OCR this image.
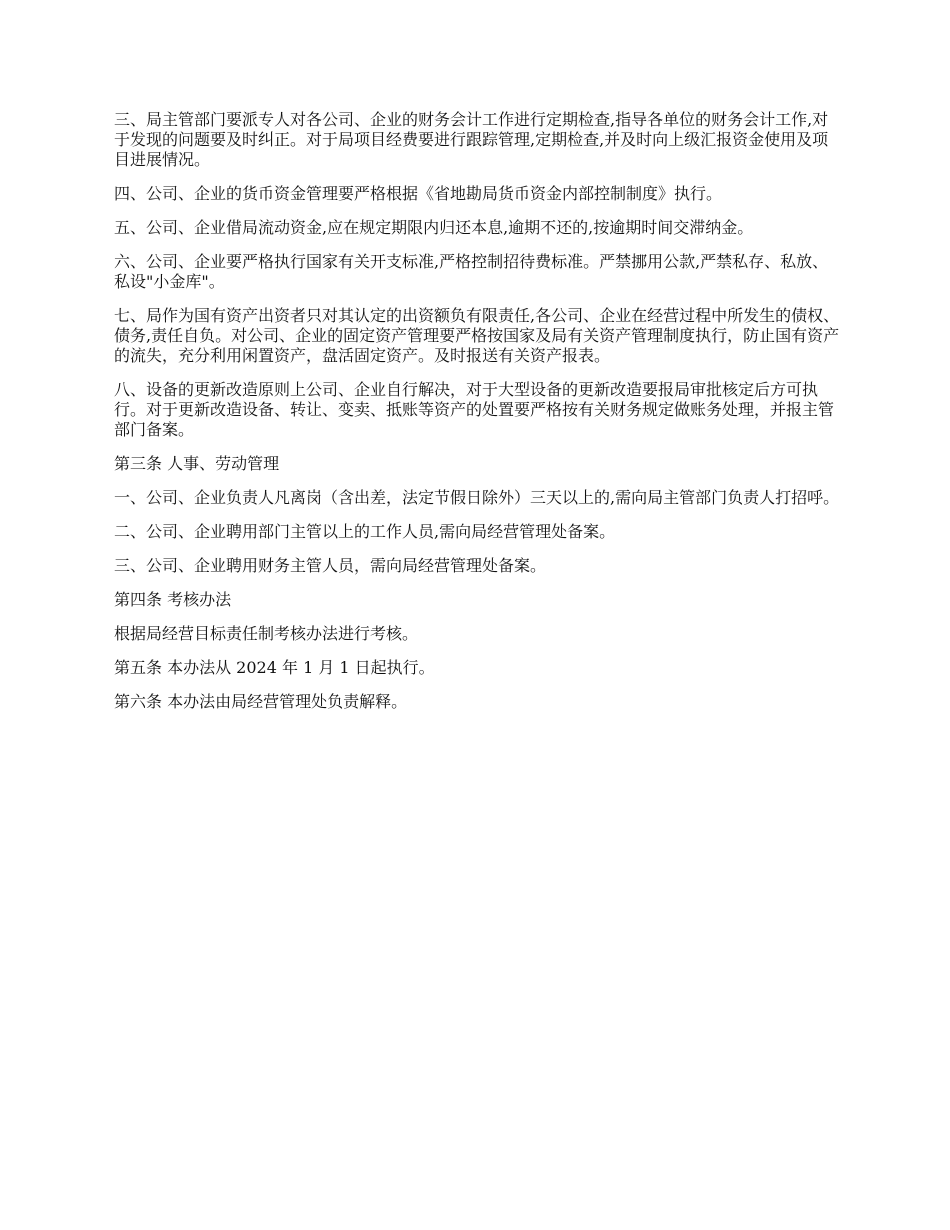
三、局主管部门要派专人对各公司、企业的财务会计工作进行定期检查,指导各单位的财务会计工作,对于发现的问题要及时纠正。对于局项目经费要进行跟踪管理,定期检查,并及时向上级汇报资金使用及项目进展情况。

四、公司、企业的货币资金管理要严格根据《省地勘局货币资金内部控制制度》执行。

五、公司、企业借局流动资金,应在规定期限内归还本息,逾期不还的,按逾期时间交滞纳金。

六、公司、企业要严格执行国家有关开支标准,严格控制招待费标准。严禁挪用公款,严禁私存、私放、私设"小金库"。

七、局作为国有资产出资者只对其认定的出资额负有限责任,各公司、企业在经营过程中所发生的债权、债务,责任自负。对公司、企业的固定资产管理要严格按国家及局有关资产管理制度执行，防止国有资产的流失，充分利用闲置资产，盘活固定资产。及时报送有关资产报表。

八、设备的更新改造原则上公司、企业自行解决，对于大型设备的更新改造要报局审批核定后方可执行。对于更新改造设备、转让、变卖、抵账等资产的处置要严格按有关财务规定做账务处理，并报主管部门备案。

第三条 人事、劳动管理

一、公司、企业负责人凡离岗（含出差，法定节假日除外）三天以上的,需向局主管部门负责人打招呼。

二、公司、企业聘用部门主管以上的工作人员,需向局经营管理处备案。

三、公司、企业聘用财务主管人员，需向局经营管理处备案。

第四条 考核办法

根据局经营目标责任制考核办法进行考核。

第五条 本办法从 2024 年 1 月 1 日起执行。

第六条 本办法由局经营管理处负责解释。
